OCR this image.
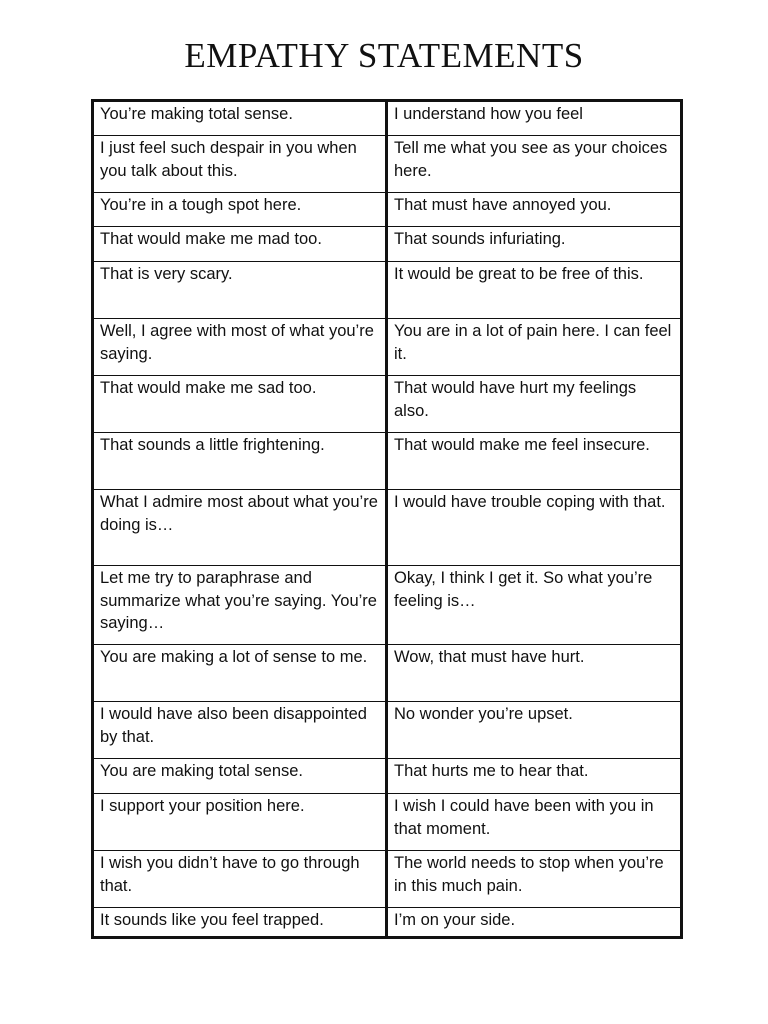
EMPATHY STATEMENTS
You’re making total sense.	I understand how you feel
I just feel such despair in you when you talk about this.	Tell me what you see as your choices here.
You’re in a tough spot here.	That must have annoyed you.
That would make me mad too.	That sounds infuriating.
That is very scary.	It would be great to be free of this.
Well, I agree with most of what you’re saying.	You are in a lot of pain here. I can feel it.
That would make me sad too.	That would have hurt my feelings also.
That sounds a little frightening.	That would make me feel insecure.
What I admire most about what you’re doing is…	I would have trouble coping with that.
Let me try to paraphrase and summarize what you’re saying. You’re saying…	Okay, I think I get it. So what you’re feeling is…
You are making a lot of sense to me.	Wow, that must have hurt.
I would have also been disappointed by that.	No wonder you’re upset.
You are making total sense.	That hurts me to hear that.
I support your position here.	I wish I could have been with you in that moment.
I wish you didn’t have to go through that.	The world needs to stop when you’re in this much pain.
It sounds like you feel trapped.	I’m on your side.
